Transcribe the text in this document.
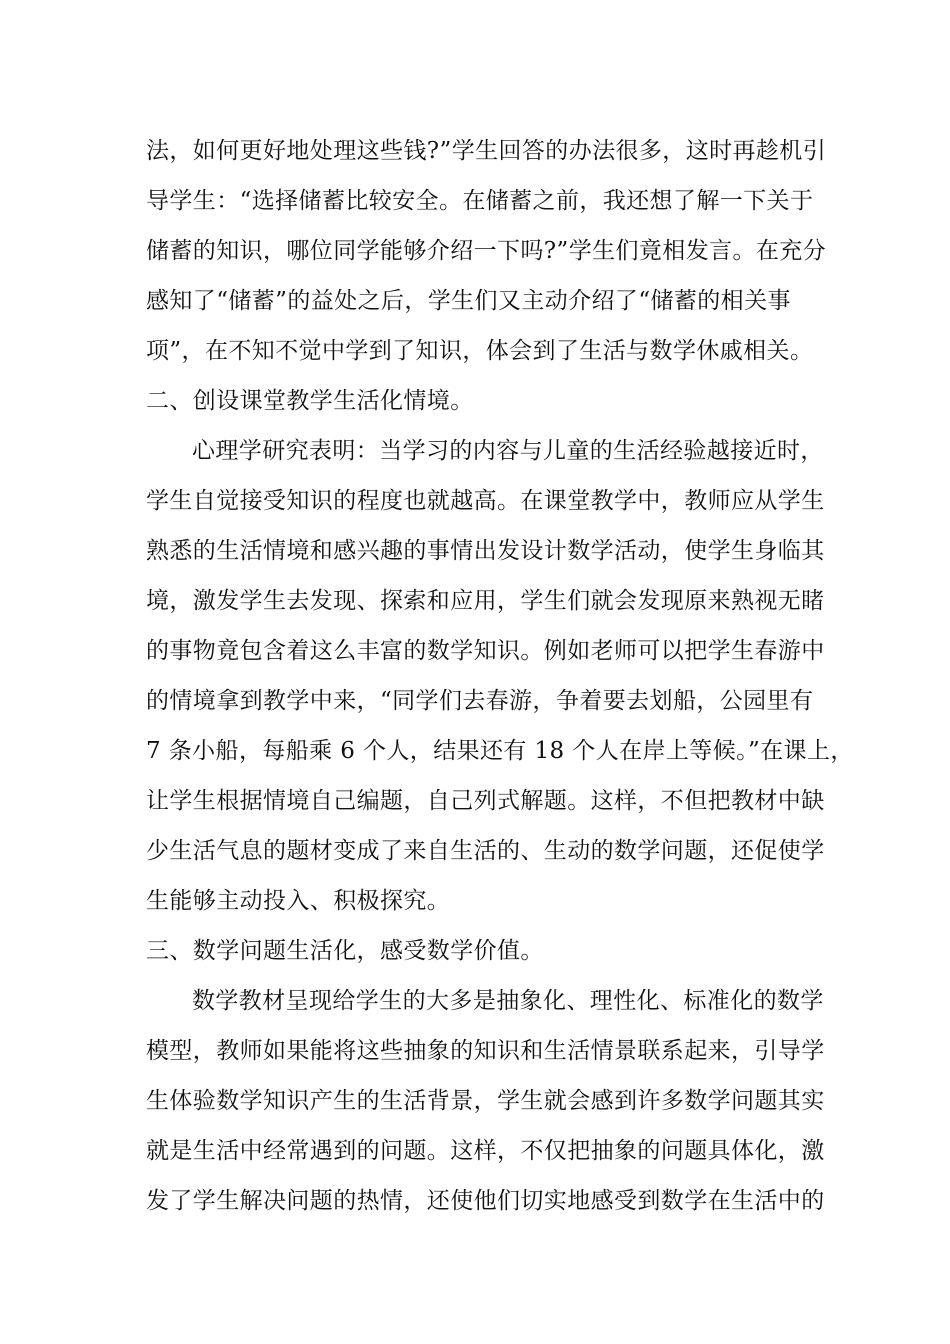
法，如何更好地处理这些钱?”学生回答的办法很多，这时再趁机引
导学生：“选择储蓄比较安全。在储蓄之前，我还想了解一下关于
储蓄的知识，哪位同学能够介绍一下吗?”学生们竟相发言。在充分
感知了“储蓄”的益处之后，学生们又主动介绍了“储蓄的相关事
项”，在不知不觉中学到了知识，体会到了生活与数学休戚相关。
二、创设课堂教学生活化情境。
心理学研究表明：当学习的内容与儿童的生活经验越接近时，
学生自觉接受知识的程度也就越高。在课堂教学中，教师应从学生
熟悉的生活情境和感兴趣的事情出发设计数学活动，使学生身临其
境，激发学生去发现、探索和应用，学生们就会发现原来熟视无睹
的事物竟包含着这么丰富的数学知识。例如老师可以把学生春游中
的情境拿到教学中来，“同学们去春游，争着要去划船，公园里有
7 条小船，每船乘 6 个人，结果还有 18 个人在岸上等候。”在课上，
让学生根据情境自己编题，自己列式解题。这样，不但把教材中缺
少生活气息的题材变成了来自生活的、生动的数学问题，还促使学
生能够主动投入、积极探究。
三、数学问题生活化，感受数学价值。
数学教材呈现给学生的大多是抽象化、理性化、标准化的数学
模型，教师如果能将这些抽象的知识和生活情景联系起来，引导学
生体验数学知识产生的生活背景，学生就会感到许多数学问题其实
就是生活中经常遇到的问题。这样，不仅把抽象的问题具体化，激
发了学生解决问题的热情，还使他们切实地感受到数学在生活中的
